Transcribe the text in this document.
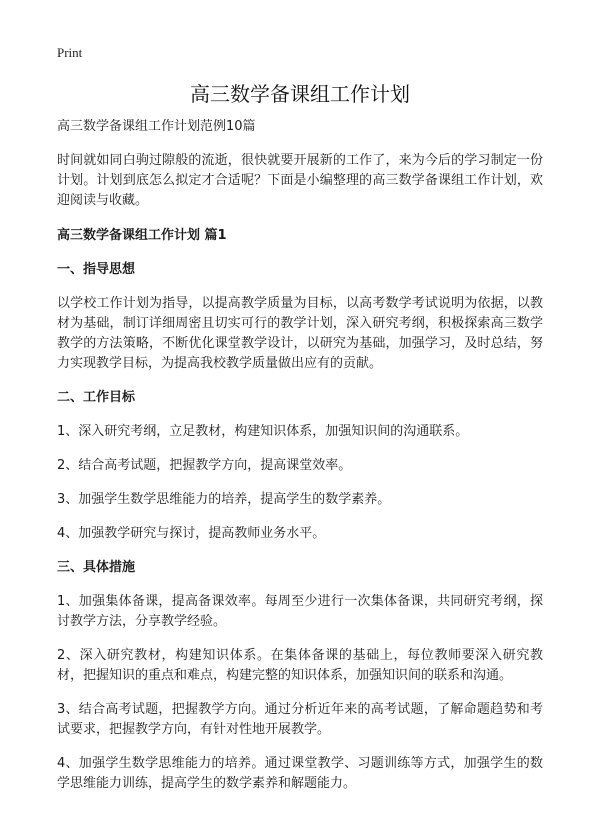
Print
高三数学备课组工作计划
高三数学备课组工作计划范例10篇

时间就如同白驹过隙般的流逝，很快就要开展新的工作了，来为今后的学习制定一份计划。计划到底怎么拟定才合适呢？下面是小编整理的高三数学备课组工作计划，欢迎阅读与收藏。

高三数学备课组工作计划 篇1
一、指导思想

以学校工作计划为指导，以提高教学质量为目标，以高考数学考试说明为依据，以教材为基础，制订详细周密且切实可行的教学计划，深入研究考纲，积极探索高三数学教学的方法策略，不断优化课堂教学设计，以研究为基础，加强学习，及时总结，努力实现教学目标，为提高我校教学质量做出应有的贡献。

二、工作目标

1、深入研究考纲，立足教材，构建知识体系，加强知识间的沟通联系。

2、结合高考试题，把握教学方向，提高课堂效率。

3、加强学生数学思维能力的培养，提高学生的数学素养。

4、加强教学研究与探讨，提高教师业务水平。

三、具体措施

1、加强集体备课，提高备课效率。每周至少进行一次集体备课，共同研究考纲，探讨教学方法，分享教学经验。

2、深入研究教材，构建知识体系。在集体备课的基础上，每位教师要深入研究教材，把握知识的重点和难点，构建完整的知识体系，加强知识间的联系和沟通。

3、结合高考试题，把握教学方向。通过分析近年来的高考试题，了解命题趋势和考试要求，把握教学方向，有针对性地开展教学。

4、加强学生数学思维能力的培养。通过课堂教学、习题训练等方式，加强学生的数学思维能力训练，提高学生的数学素养和解题能力。
